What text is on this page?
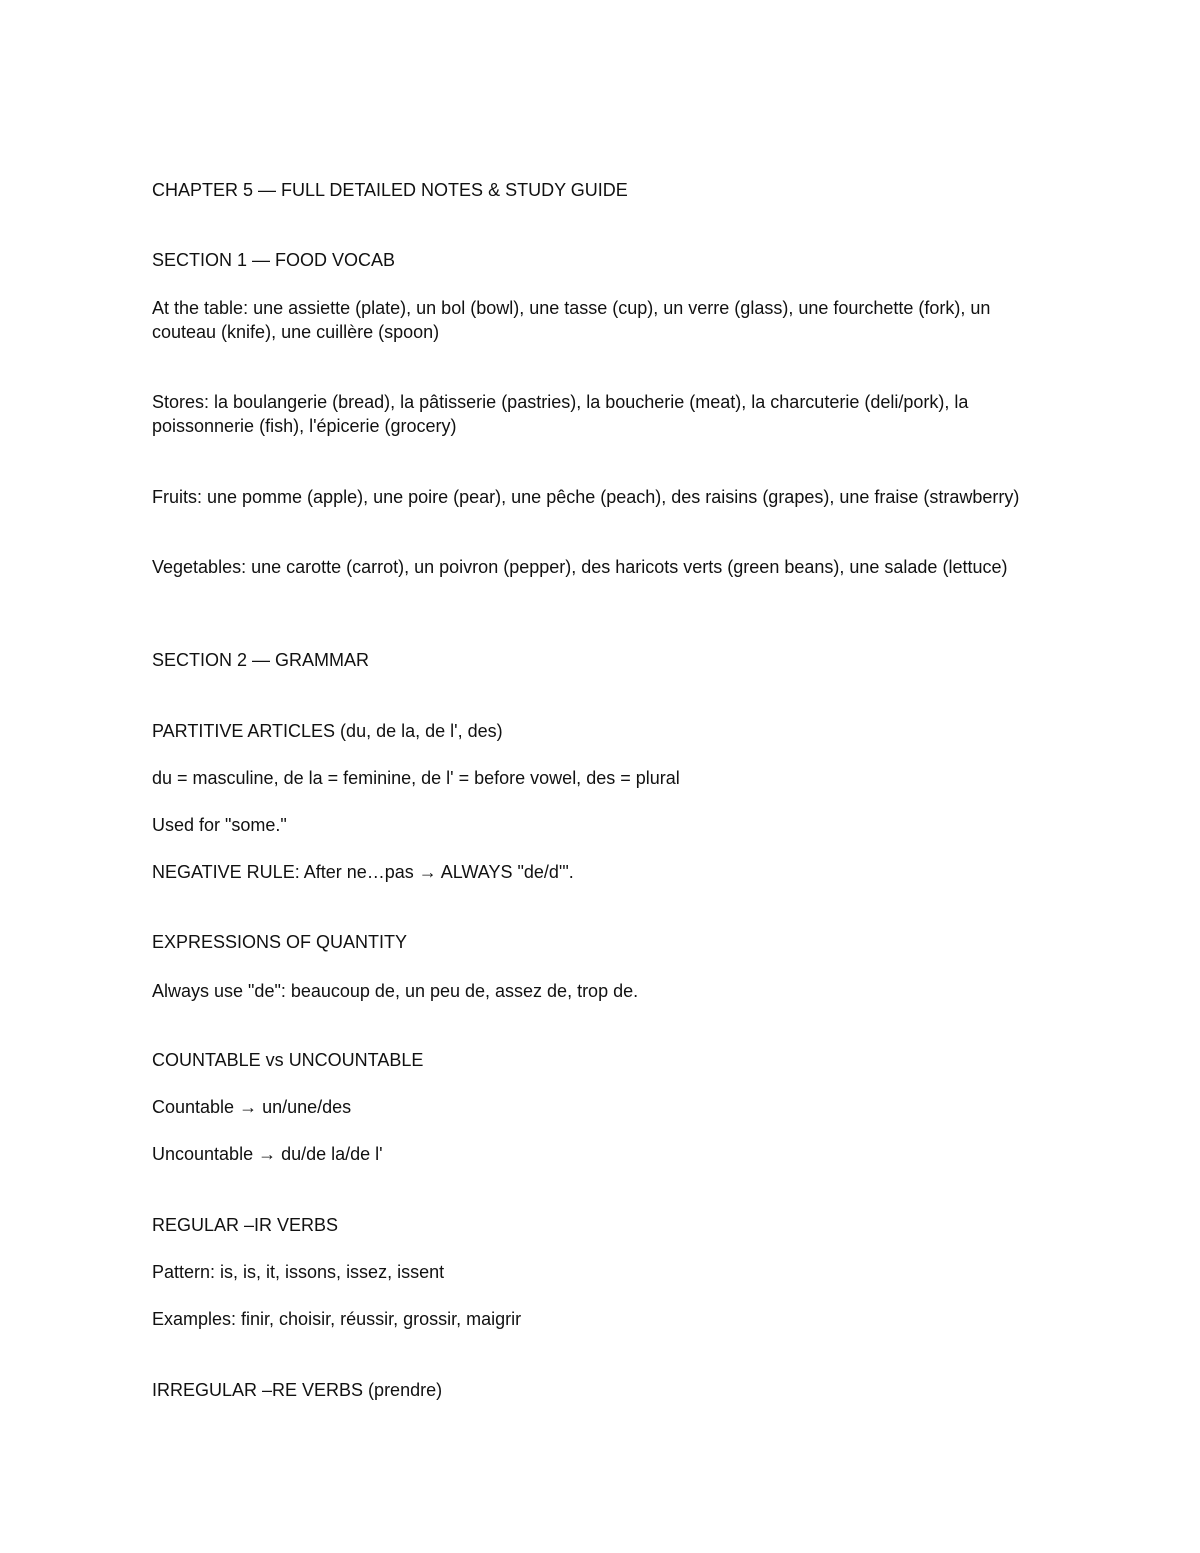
CHAPTER 5 — FULL DETAILED NOTES & STUDY GUIDE

SECTION 1 — FOOD VOCAB

At the table: une assiette (plate), un bol (bowl), une tasse (cup), un verre (glass), une fourchette (fork), un couteau (knife), une cuillère (spoon)

Stores: la boulangerie (bread), la pâtisserie (pastries), la boucherie (meat), la charcuterie (deli/pork), la poissonnerie (fish), l'épicerie (grocery)

Fruits: une pomme (apple), une poire (pear), une pêche (peach), des raisins (grapes), une fraise (strawberry)

Vegetables: une carotte (carrot), un poivron (pepper), des haricots verts (green beans), une salade (lettuce)

SECTION 2 — GRAMMAR

PARTITIVE ARTICLES (du, de la, de l', des)

du = masculine, de la = feminine, de l' = before vowel, des = plural

Used for "some."

NEGATIVE RULE: After ne…pas → ALWAYS "de/d'".

EXPRESSIONS OF QUANTITY

Always use "de": beaucoup de, un peu de, assez de, trop de.

COUNTABLE vs UNCOUNTABLE

Countable → un/une/des

Uncountable → du/de la/de l'

REGULAR –IR VERBS

Pattern: is, is, it, issons, issez, issent

Examples: finir, choisir, réussir, grossir, maigrir

IRREGULAR –RE VERBS (prendre)
